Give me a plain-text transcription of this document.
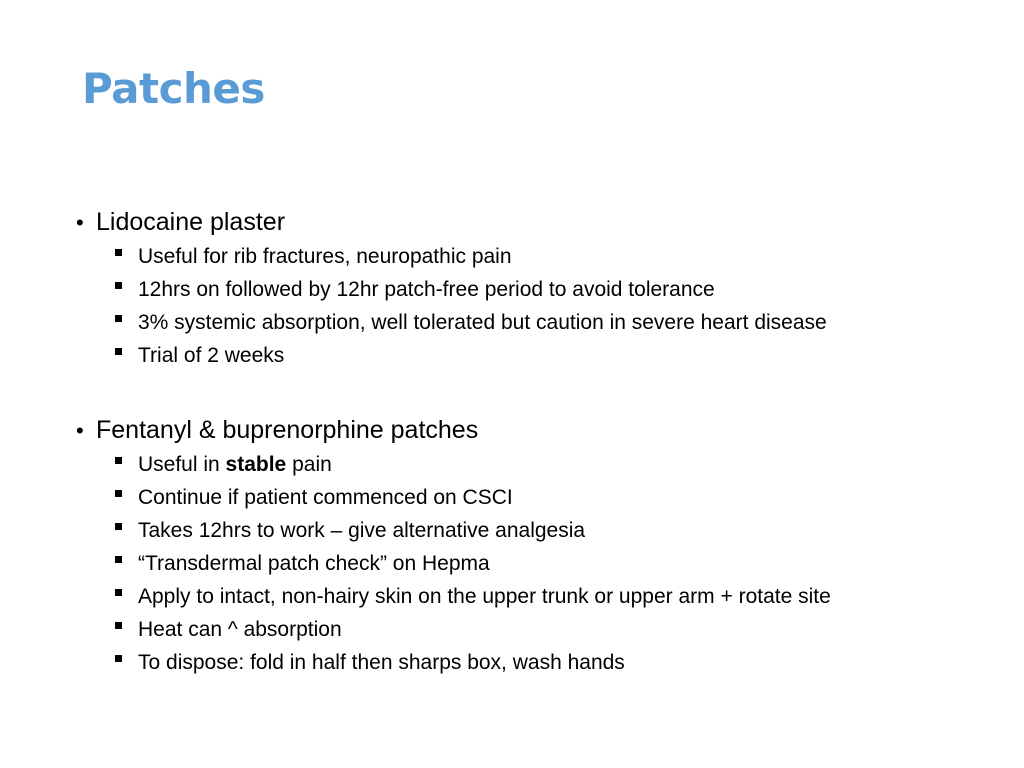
Patches
• Lidocaine plaster
Useful for rib fractures, neuropathic pain
12hrs on followed by 12hr patch-free period to avoid tolerance
3% systemic absorption, well tolerated but caution in severe heart disease
Trial of 2 weeks
• Fentanyl & buprenorphine patches
Useful in stable pain
Continue if patient commenced on CSCI
Takes 12hrs to work – give alternative analgesia
“Transdermal patch check” on Hepma
Apply to intact, non-hairy skin on the upper trunk or upper arm + rotate site
Heat can ^ absorption
To dispose: fold in half then sharps box, wash hands
